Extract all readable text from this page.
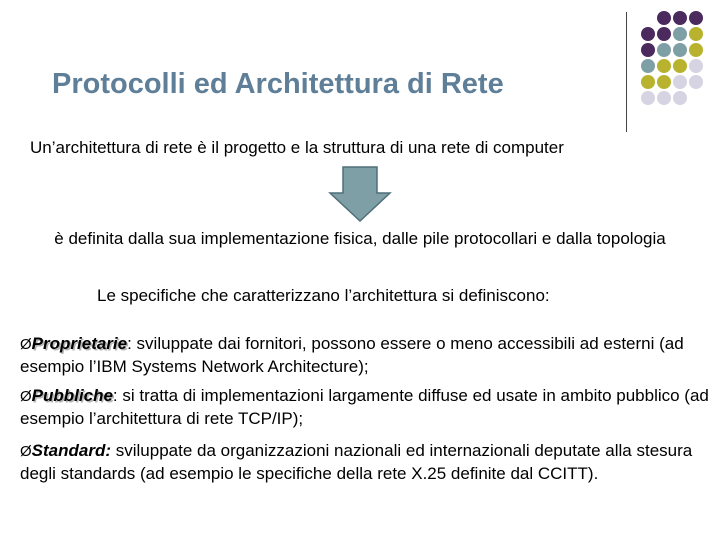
Protocolli ed Architettura di Rete
Un’architettura di rete è il progetto e la struttura di una rete di computer
è definita dalla sua implementazione fisica, dalle pile protocollari e dalla topologia
Le specifiche che caratterizzano l’architettura si definiscono:
ØProprietarie: sviluppate dai fornitori, possono essere o meno accessibili ad esterni (ad esempio l’IBM Systems Network Architecture);
ØPubbliche: si tratta di implementazioni largamente diffuse ed usate in ambito pubblico (ad esempio l’architettura di rete TCP/IP);
ØStandard: sviluppate da organizzazioni nazionali ed internazionali deputate alla stesura degli standards (ad esempio le specifiche della rete X.25 definite dal CCITT).
